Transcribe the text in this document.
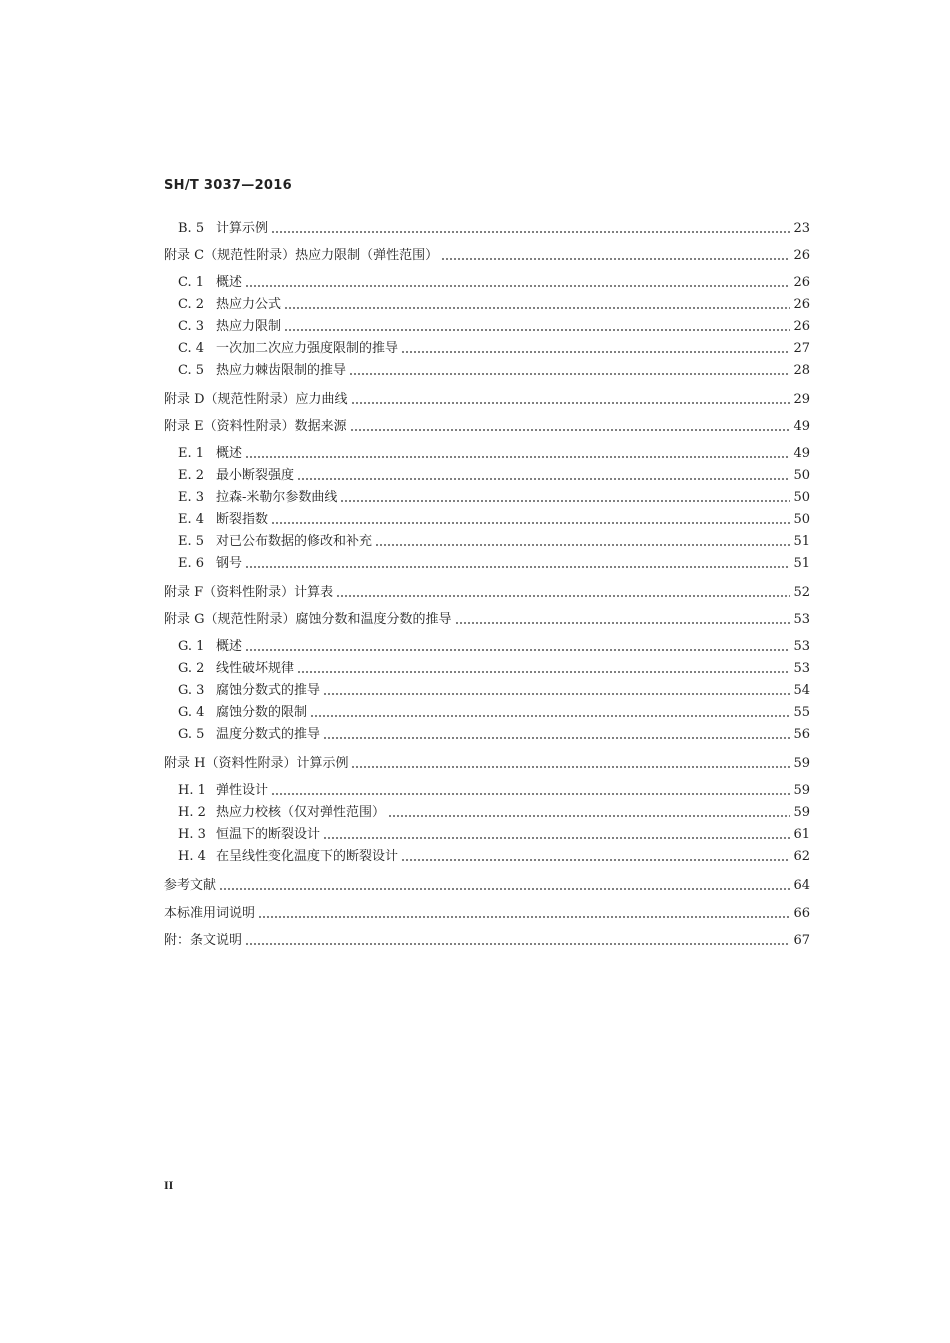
SH/T 3037—2016
B. 5 计算示例	23
附录 C（规范性附录）热应力限制（弹性范围）	26
C. 1 概述	26
C. 2 热应力公式	26
C. 3 热应力限制	26
C. 4 一次加二次应力强度限制的推导	27
C. 5 热应力棘齿限制的推导	28
附录 D（规范性附录）应力曲线	29
附录 E（资料性附录）数据来源	49
E. 1 概述	49
E. 2 最小断裂强度	50
E. 3 拉森-米勒尔参数曲线	50
E. 4 断裂指数	50
E. 5 对已公布数据的修改和补充	51
E. 6 钢号	51
附录 F（资料性附录）计算表	52
附录 G（规范性附录）腐蚀分数和温度分数的推导	53
G. 1 概述	53
G. 2 线性破坏规律	53
G. 3 腐蚀分数式的推导	54
G. 4 腐蚀分数的限制	55
G. 5 温度分数式的推导	56
附录 H（资料性附录）计算示例	59
H. 1 弹性设计	59
H. 2 热应力校核（仅对弹性范围）	59
H. 3 恒温下的断裂设计	61
H. 4 在呈线性变化温度下的断裂设计	62
参考文献	64
本标准用词说明	66
附：条文说明	67
II
